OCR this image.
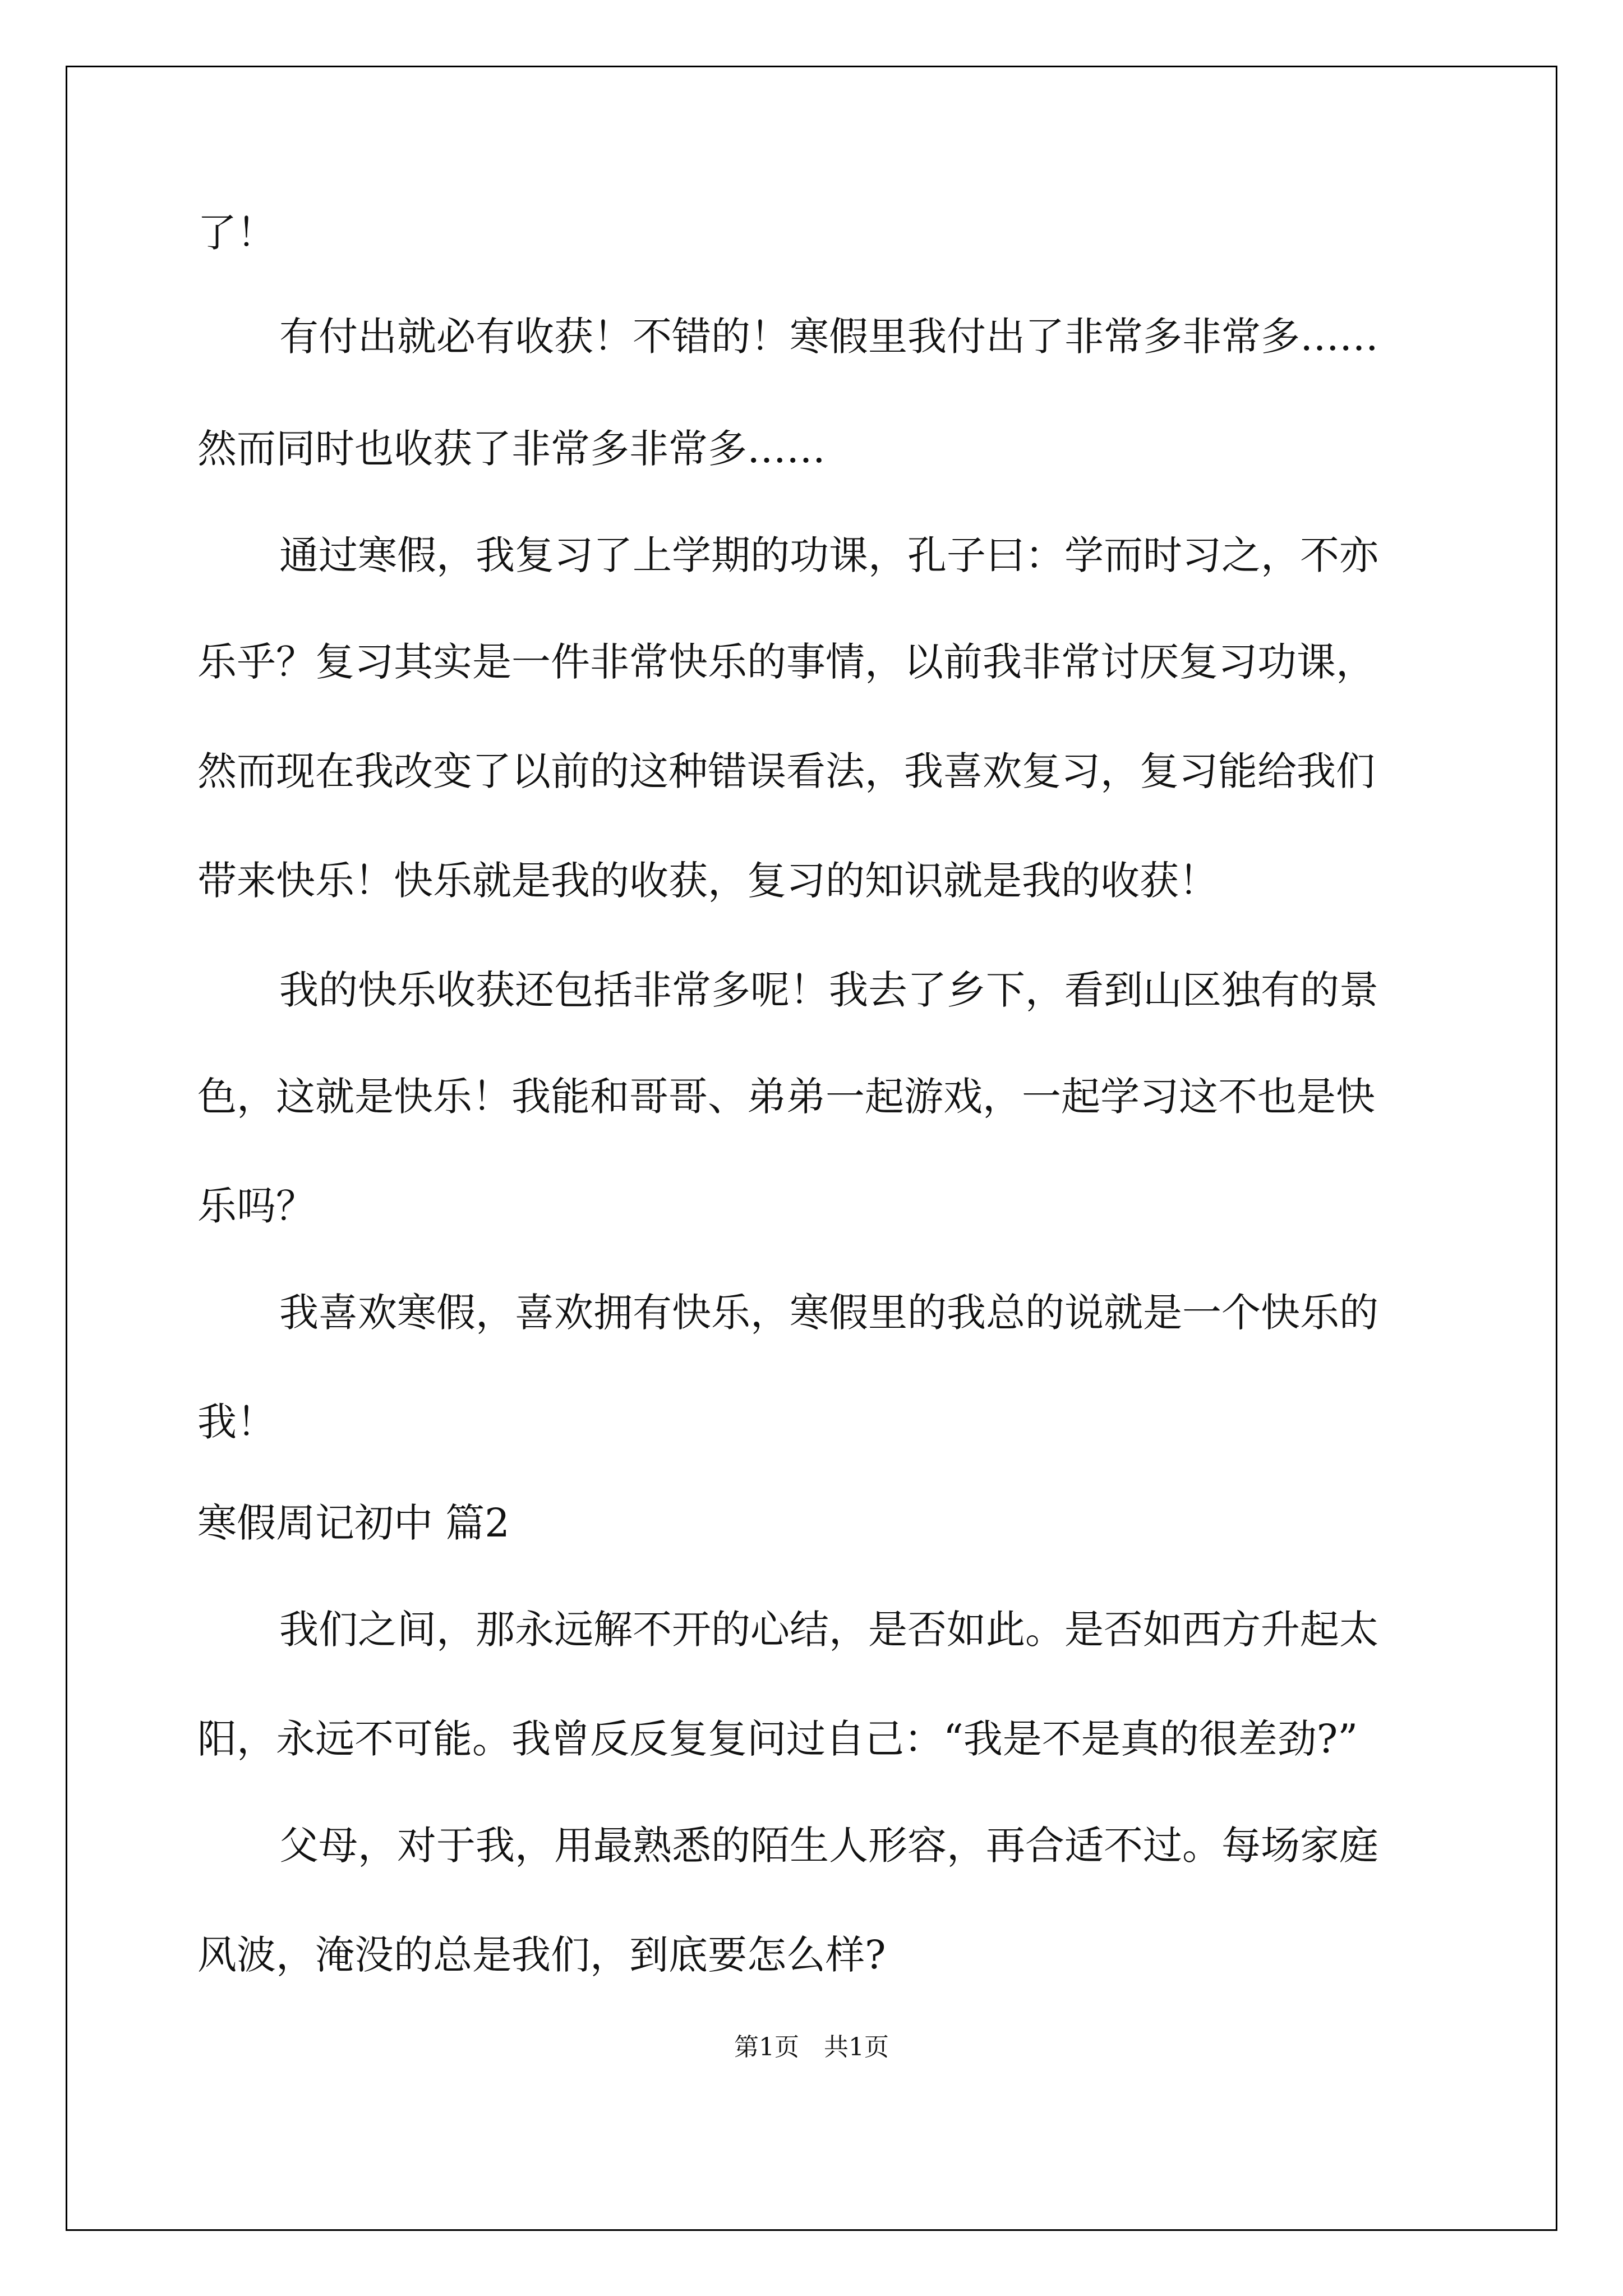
了！
有付出就必有收获！不错的！寒假里我付出了非常多非常多……
然而同时也收获了非常多非常多……
通过寒假，我复习了上学期的功课，孔子曰：学而时习之，不亦
乐乎？复习其实是一件非常快乐的事情，以前我非常讨厌复习功课，
然而现在我改变了以前的这种错误看法，我喜欢复习，复习能给我们
带来快乐！快乐就是我的收获，复习的知识就是我的收获！
我的快乐收获还包括非常多呢！我去了乡下，看到山区独有的景
色，这就是快乐！我能和哥哥、弟弟一起游戏，一起学习这不也是快
乐吗？
我喜欢寒假，喜欢拥有快乐，寒假里的我总的说就是一个快乐的
我！
寒假周记初中 篇2
我们之间，那永远解不开的心结，是否如此。是否如西方升起太
阳，永远不可能。我曾反反复复问过自己：“我是不是真的很差劲?”
父母，对于我，用最熟悉的陌生人形容，再合适不过。每场家庭
风波，淹没的总是我们，到底要怎么样?
第1页　共1页
